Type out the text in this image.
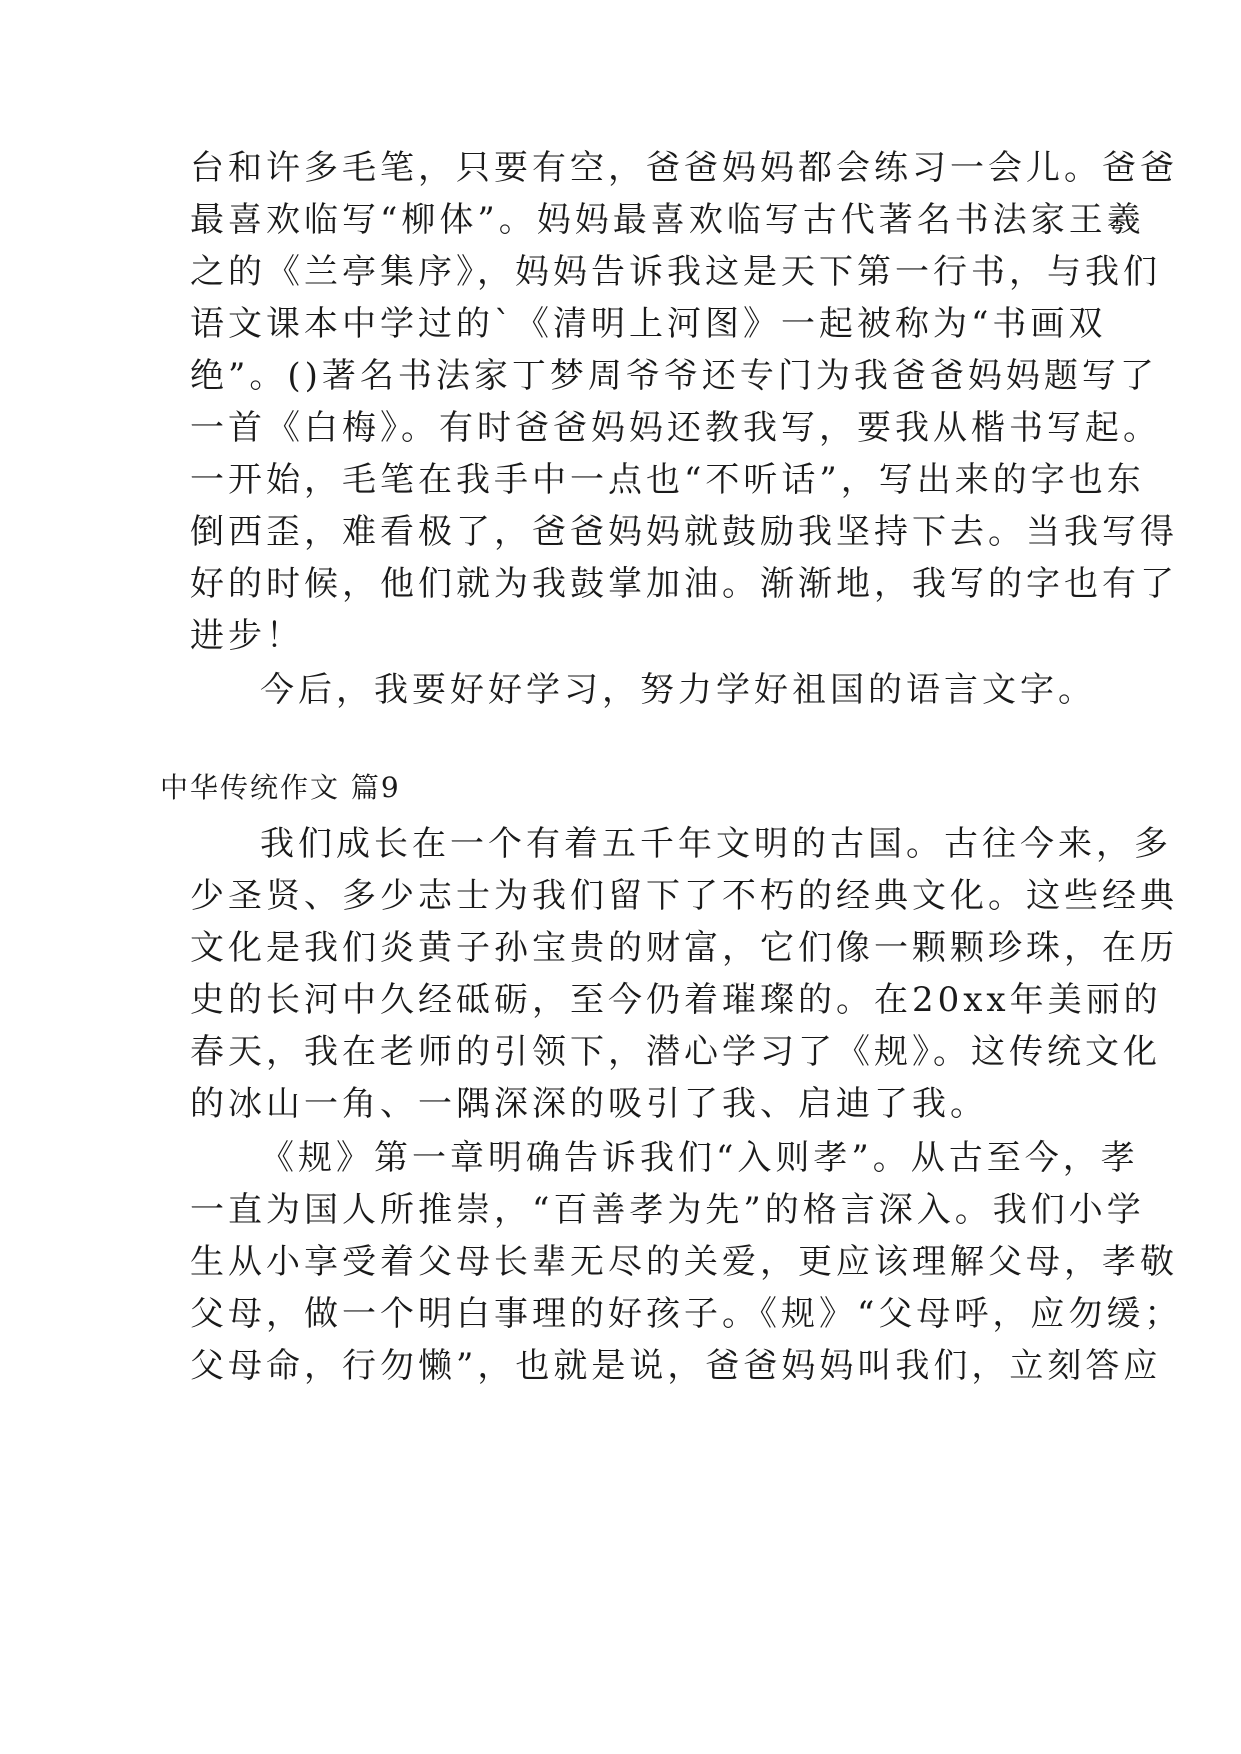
台和许多毛笔，只要有空，爸爸妈妈都会练习一会儿。爸爸
最喜欢临写“柳体”。妈妈最喜欢临写古代著名书法家王羲
之的《兰亭集序》，妈妈告诉我这是天下第一行书，与我们
语文课本中学过的`《清明上河图》一起被称为“书画双
绝”。()著名书法家丁梦周爷爷还专门为我爸爸妈妈题写了
一首《白梅》。有时爸爸妈妈还教我写，要我从楷书写起。
一开始，毛笔在我手中一点也“不听话”，写出来的字也东
倒西歪，难看极了，爸爸妈妈就鼓励我坚持下去。当我写得
好的时候，他们就为我鼓掌加油。渐渐地，我写的字也有了
进步！
今后，我要好好学习，努力学好祖国的语言文字。
中华传统作文 篇9
我们成长在一个有着五千年文明的古国。古往今来，多
少圣贤、多少志士为我们留下了不朽的经典文化。这些经典
文化是我们炎黄子孙宝贵的财富，它们像一颗颗珍珠，在历
史的长河中久经砥砺，至今仍着璀璨的。在20xx年美丽的
春天，我在老师的引领下，潜心学习了《规》。这传统文化
的冰山一角、一隅深深的吸引了我、启迪了我。
《规》第一章明确告诉我们“入则孝”。从古至今，孝
一直为国人所推崇，“百善孝为先”的格言深入。我们小学
生从小享受着父母长辈无尽的关爱，更应该理解父母，孝敬
父母，做一个明白事理的好孩子。《规》“父母呼，应勿缓；
父母命，行勿懒”，也就是说，爸爸妈妈叫我们，立刻答应
